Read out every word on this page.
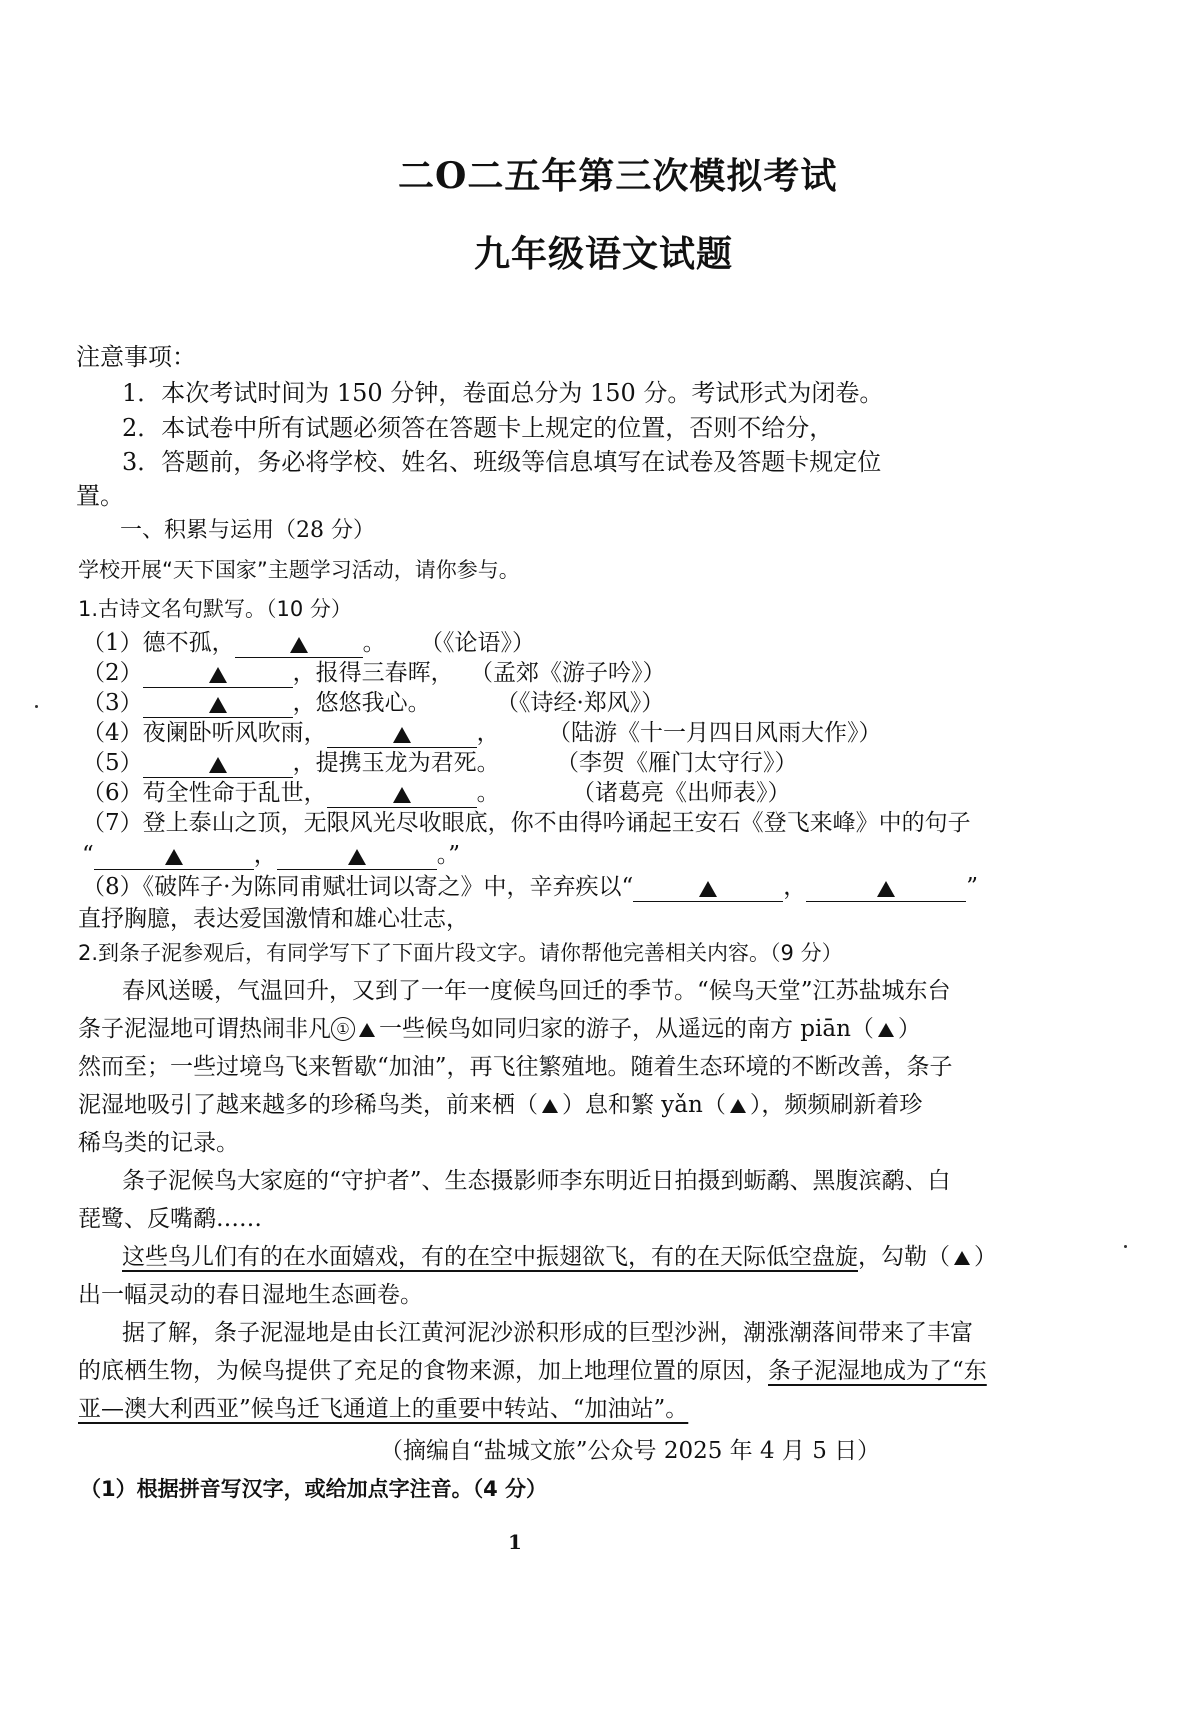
二O二五年第三次模拟考试
九年级语文试题
注意事项：
1．本次考试时间为 150 分钟，卷面总分为 150 分。考试形式为闭卷。
2．本试卷中所有试题必须答在答题卡上规定的位置，否则不给分，
3．答题前，务必将学校、姓名、班级等信息填写在试卷及答题卡规定位
置。
一、积累与运用（28 分）
学校开展“天下国家”主题学习活动，请你参与。
1.古诗文名句默写。（10 分）
（1）德不孤，	。 （《论语》）
（2）	，报得三春晖， （孟郊《游子吟》）
（3）	，悠悠我心。	（《诗经·郑风》）
（4）夜阑卧听风吹雨，	， （陆游《十一月四日风雨大作》）
（5）	，提携玉龙为君死。 （李贺《雁门太守行》）
（6）苟全性命于乱世，	。	（诸葛亮《出师表》）
（7）登上泰山之顶，无限风光尽收眼底，你不由得吟诵起王安石《登飞来峰》中的句子
“	，	。”
（8）《破阵子·为陈同甫赋壮词以寄之》中，辛弃疾以“	，	”
直抒胸臆，表达爱国激情和雄心壮志，
2.到条子泥参观后，有同学写下了下面片段文字。请你帮他完善相关内容。（9 分）
春风送暖，气温回升，又到了一年一度候鸟回迁的季节。“候鸟天堂”江苏盐城东台
条子泥湿地可谓热闹非凡 ① 一些候鸟如同归家的游子，从遥远的南方 piān（ ）
然而至；一些过境鸟飞来暂歇“加油”，再飞往繁殖地。随着生态环境的不断改善，条子
泥湿地吸引了越来越多的珍稀鸟类，前来栖（ ）息和繁 yǎn（ ），频频刷新着珍
稀鸟类的记录。
条子泥候鸟大家庭的“守护者”、生态摄影师李东明近日拍摄到蛎鹬、黑腹滨鹬、白
琵鹭、反嘴鹬……
这些鸟儿们有的在水面嬉戏，有的在空中振翅欲飞，有的在天际低空盘旋，勾勒（ ）
出一幅灵动的春日湿地生态画卷。
据了解，条子泥湿地是由长江黄河泥沙淤积形成的巨型沙洲，潮涨潮落间带来了丰富
的底栖生物，为候鸟提供了充足的食物来源，加上地理位置的原因，条子泥湿地成为了“东
亚—澳大利西亚”候鸟迁飞通道上的重要中转站、“加油站”。
（摘编自“盐城文旅”公众号 2025 年 4 月 5 日）
（1）根据拼音写汉字，或给加点字注音。（4 分）
1
